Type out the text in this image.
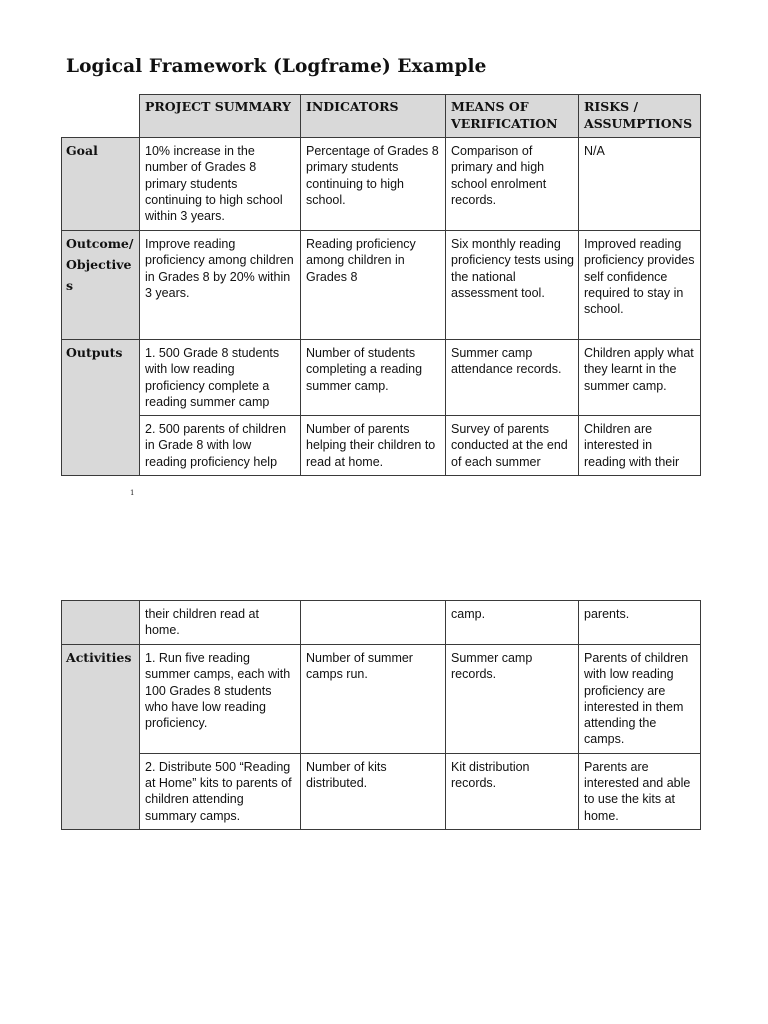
Logical Framework (Logframe) Example
	PROJECT SUMMARY	INDICATORS	MEANS OF VERIFICATION	RISKS / ASSUMPTIONS
Goal	10% increase in the number of Grades 8 primary students continuing to high school within 3 years.	Percentage of Grades 8 primary students continuing to high school.	Comparison of primary and high school enrolment records.	N/A
Outcome/ Objectives	Improve reading proficiency among children in Grades 8 by 20% within 3 years.	Reading proficiency among children in Grades 8	Six monthly reading proficiency tests using the national assessment tool.	Improved reading proficiency provides self confidence required to stay in school.
Outputs	1. 500 Grade 8 students with low reading proficiency complete a reading summer camp	Number of students completing a reading summer camp.	Summer camp attendance records.	Children apply what they learnt in the summer camp.
	2. 500 parents of children in Grade 8 with low reading proficiency help	Number of parents helping their children to read at home.	Survey of parents conducted at the end of each summer	Children are interested in reading with their
1
	their children read at home.		camp.	parents.
Activities	1. Run five reading summer camps, each with 100 Grades 8 students who have low reading proficiency.	Number of summer camps run.	Summer camp records.	Parents of children with low reading proficiency are interested in them attending the camps.
	2. Distribute 500 “Reading at Home” kits to parents of children attending summary camps.	Number of kits distributed.	Kit distribution records.	Parents are interested and able to use the kits at home.
